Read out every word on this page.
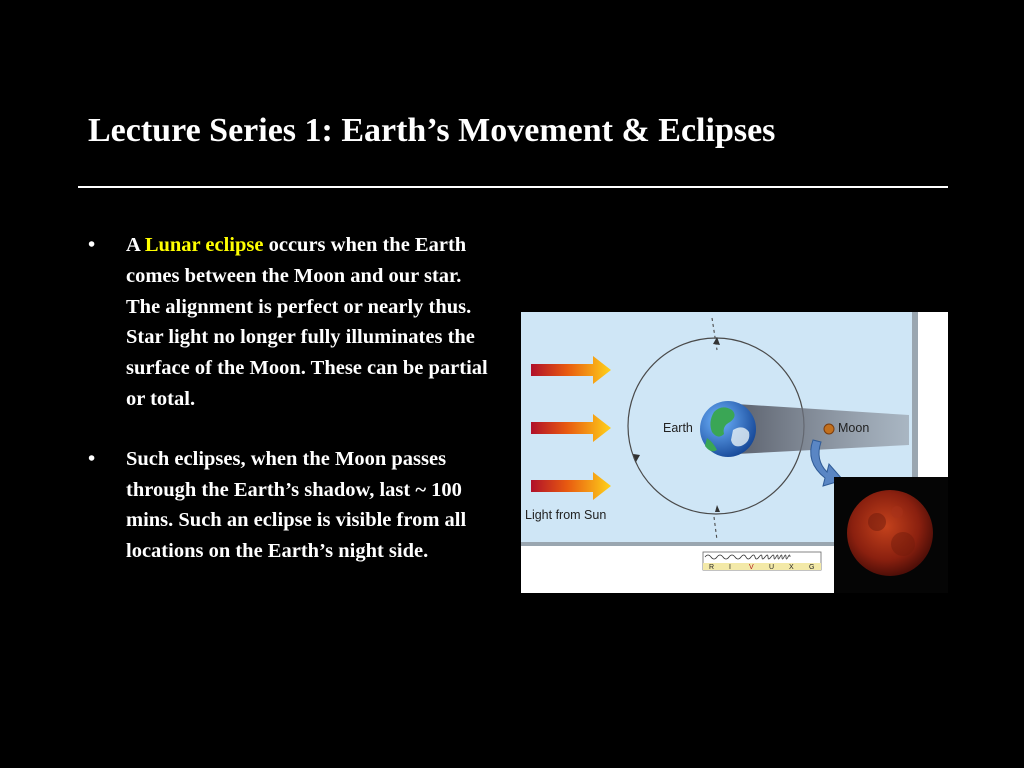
Lecture Series 1: Earth’s Movement & Eclipses
• A Lunar eclipse occurs when the Earth comes between the Moon and our star. The alignment is perfect or nearly thus. Star light no longer fully illuminates the surface of the Moon. These can be partial or total.
• Such eclipses, when the Moon passes through the Earth’s shadow, last ~ 100 mins. Such an eclipse is visible from all locations on the Earth’s night side.
Earth	Moon
Light from Sun
R I	V U X G
